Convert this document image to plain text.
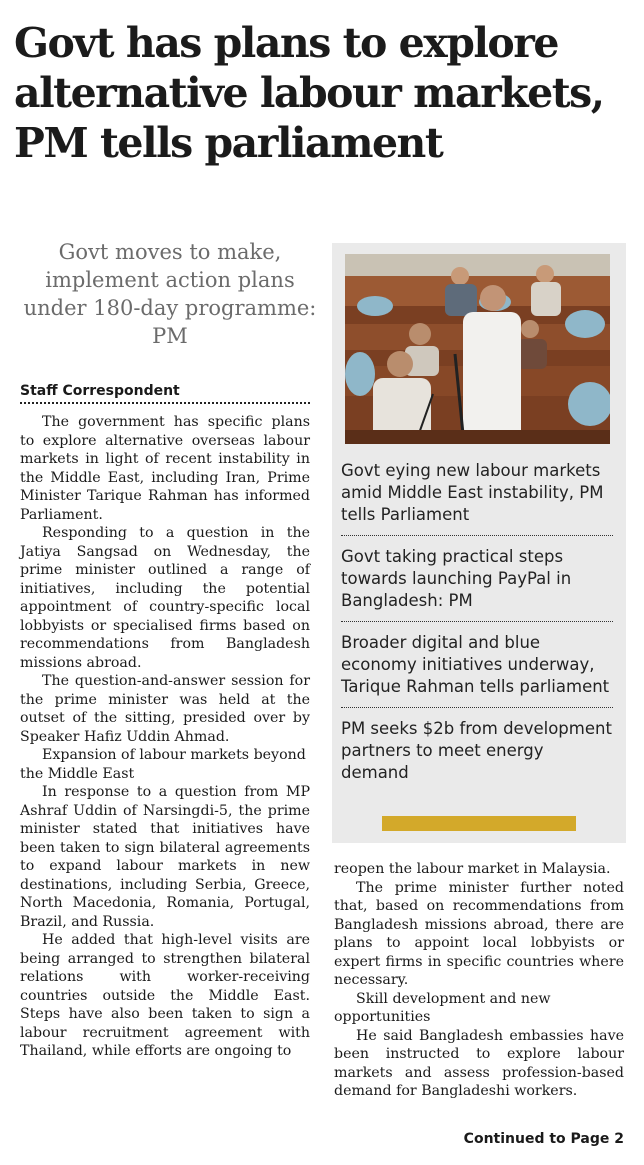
Govt has plans to explore alternative labour markets, PM tells parliament

Govt moves to make, implement action plans under 180-day programme: PM

Staff Correspondent

The government has specific plans to explore alternative overseas labour markets in light of recent instability in the Middle East, including Iran, Prime Minister Tarique Rahman has informed Parliament.

Responding to a question in the Jatiya Sangsad on Wednesday, the prime minister outlined a range of initiatives, including the potential appointment of country-specific local lobbyists or specialised firms based on recommendations from Bangladesh missions abroad.

The question-and-answer session for the prime minister was held at the outset of the sitting, presided over by Speaker Hafiz Uddin Ahmad.

Expansion of labour markets beyond the Middle East

In response to a question from MP Ashraf Uddin of Narsingdi-5, the prime minister stated that initiatives have been taken to sign bilateral agreements to expand labour markets in new destinations, including Serbia, Greece, North Macedonia, Romania, Portugal, Brazil, and Russia.

He added that high-level visits are being arranged to strengthen bilateral relations with worker-receiving countries outside the Middle East. Steps have also been taken to sign a labour recruitment agreement with Thailand, while efforts are ongoing to

Govt eying new labour markets amid Middle East instability, PM tells Parliament
Govt taking practical steps towards launching PayPal in Bangladesh: PM
Broader digital and blue economy initiatives underway, Tarique Rahman tells parliament
PM seeks $2b from development partners to meet energy demand

reopen the labour market in Malaysia.

The prime minister further noted that, based on recommendations from Bangladesh missions abroad, there are plans to appoint local lobbyists or expert firms in specific countries where necessary.

Skill development and new opportunities

He said Bangladesh embassies have been instructed to explore labour markets and assess profession-based demand for Bangladeshi workers.

Continued to Page 2
